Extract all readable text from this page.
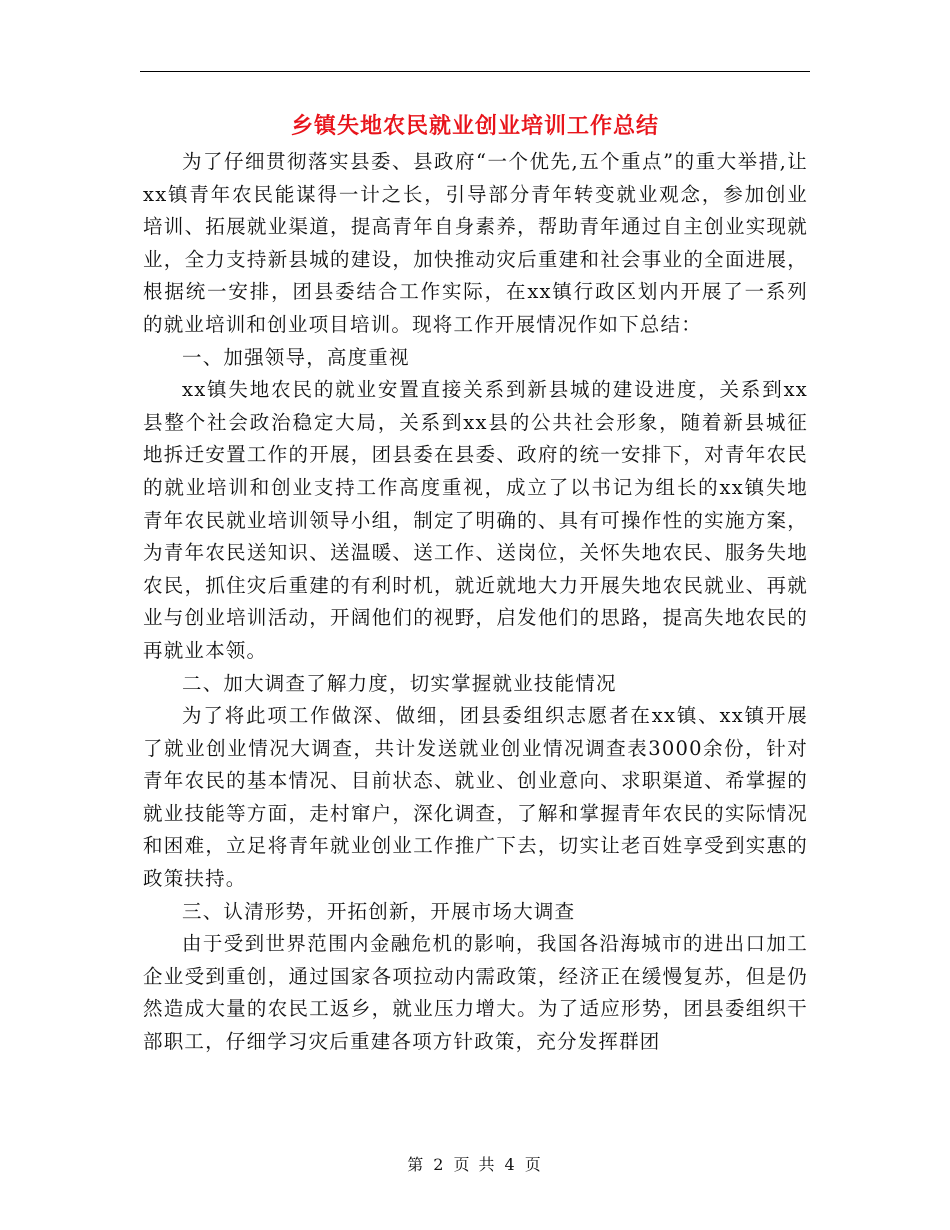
乡镇失地农民就业创业培训工作总结

为了仔细贯彻落实县委、县政府“一个优先,五个重点”的重大举措,让xx镇青年农民能谋得一计之长，引导部分青年转变就业观念，参加创业培训、拓展就业渠道，提高青年自身素养，帮助青年通过自主创业实现就业，全力支持新县城的建设，加快推动灾后重建和社会事业的全面进展，根据统一安排，团县委结合工作实际，在xx镇行政区划内开展了一系列的就业培训和创业项目培训。现将工作开展情况作如下总结：

一、加强领导，高度重视

xx镇失地农民的就业安置直接关系到新县城的建设进度，关系到xx县整个社会政治稳定大局，关系到xx县的公共社会形象，随着新县城征地拆迁安置工作的开展，团县委在县委、政府的统一安排下，对青年农民的就业培训和创业支持工作高度重视，成立了以书记为组长的xx镇失地青年农民就业培训领导小组，制定了明确的、具有可操作性的实施方案，为青年农民送知识、送温暖、送工作、送岗位，关怀失地农民、服务失地农民，抓住灾后重建的有利时机，就近就地大力开展失地农民就业、再就业与创业培训活动，开阔他们的视野，启发他们的思路，提高失地农民的再就业本领。

二、加大调查了解力度，切实掌握就业技能情况

为了将此项工作做深、做细，团县委组织志愿者在xx镇、xx镇开展了就业创业情况大调查，共计发送就业创业情况调查表3000余份，针对青年农民的基本情况、目前状态、就业、创业意向、求职渠道、希掌握的就业技能等方面，走村窜户，深化调查，了解和掌握青年农民的实际情况和困难，立足将青年就业创业工作推广下去，切实让老百姓享受到实惠的政策扶持。

三、认清形势，开拓创新，开展市场大调查

由于受到世界范围内金融危机的影响，我国各沿海城市的进出口加工企业受到重创，通过国家各项拉动内需政策，经济正在缓慢复苏，但是仍然造成大量的农民工返乡，就业压力增大。为了适应形势，团县委组织干部职工，仔细学习灾后重建各项方针政策，充分发挥群团

第 2 页 共 4 页
